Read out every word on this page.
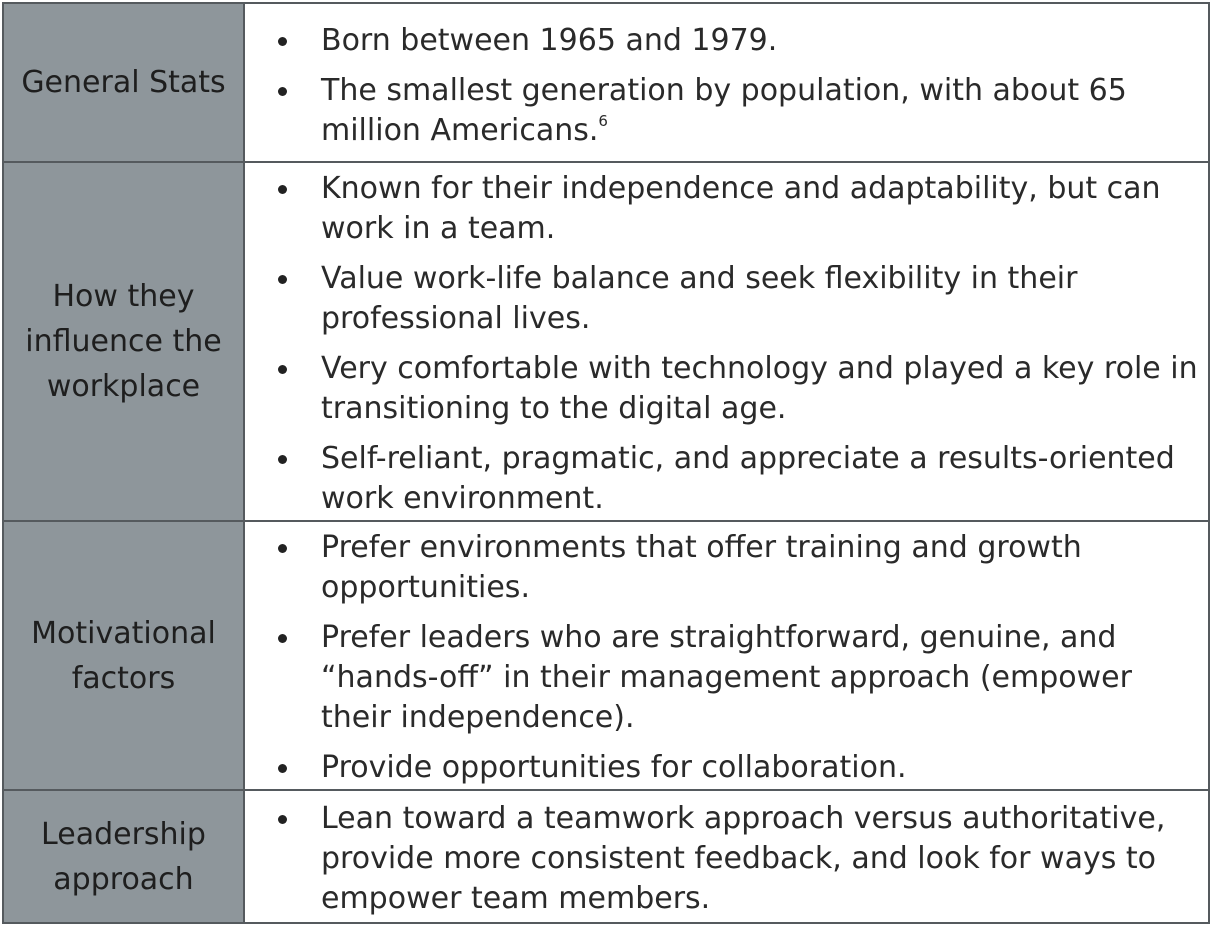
General Stats
Born between 1965 and 1979.
The smallest generation by population, with about 65 million Americans.$^6$
How they
influence the
workplace
Known for their independence and adaptability, but can work in a team.
Value work-life balance and seek flexibility in their professional lives.
Very comfortable with technology and played a key role in transitioning to the digital age.
Self-reliant, pragmatic, and appreciate a results-oriented work environment.
Motivational
factors
Prefer environments that offer training and growth opportunities.
Prefer leaders who are straightforward, genuine, and “hands-off” in their management approach (empower their independence).
Provide opportunities for collaboration.
Leadership
approach
Lean toward a teamwork approach versus authoritative, provide more consistent feedback, and look for ways to empower team members.
